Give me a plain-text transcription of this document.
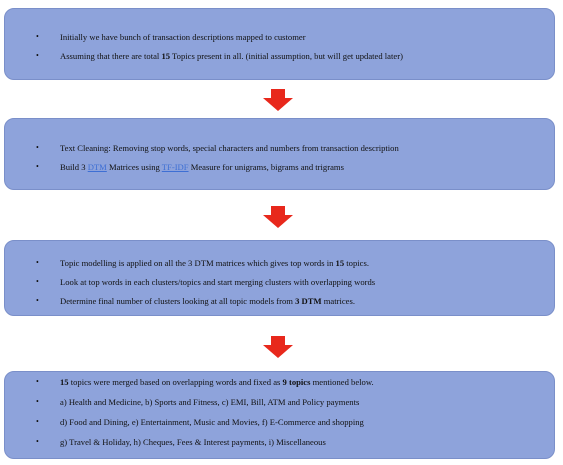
• Initially we have bunch of transaction descriptions mapped to customer
• Assuming that there are total 15 Topics present in all. (initial assumption, but will get updated later)
• Text Cleaning: Removing stop words, special characters and numbers from transaction description
• Build 3 DTM Matrices using TF-IDF Measure for unigrams, bigrams and trigrams
• Topic modelling is applied on all the 3 DTM matrices which gives top words in 15 topics.
• Look at top words in each clusters/topics and start merging clusters with overlapping words
• Determine final number of clusters looking at all topic models from 3 DTM matrices.
• 15 topics were merged based on overlapping words and fixed as 9 topics mentioned below.
• a) Health and Medicine, b) Sports and Fitness, c) EMI, Bill, ATM and Policy payments
• d) Food and Dining, e) Entertainment, Music and Movies, f) E-Commerce and shopping
• g) Travel & Holiday, h) Cheques, Fees & Interest payments, i) Miscellaneous
